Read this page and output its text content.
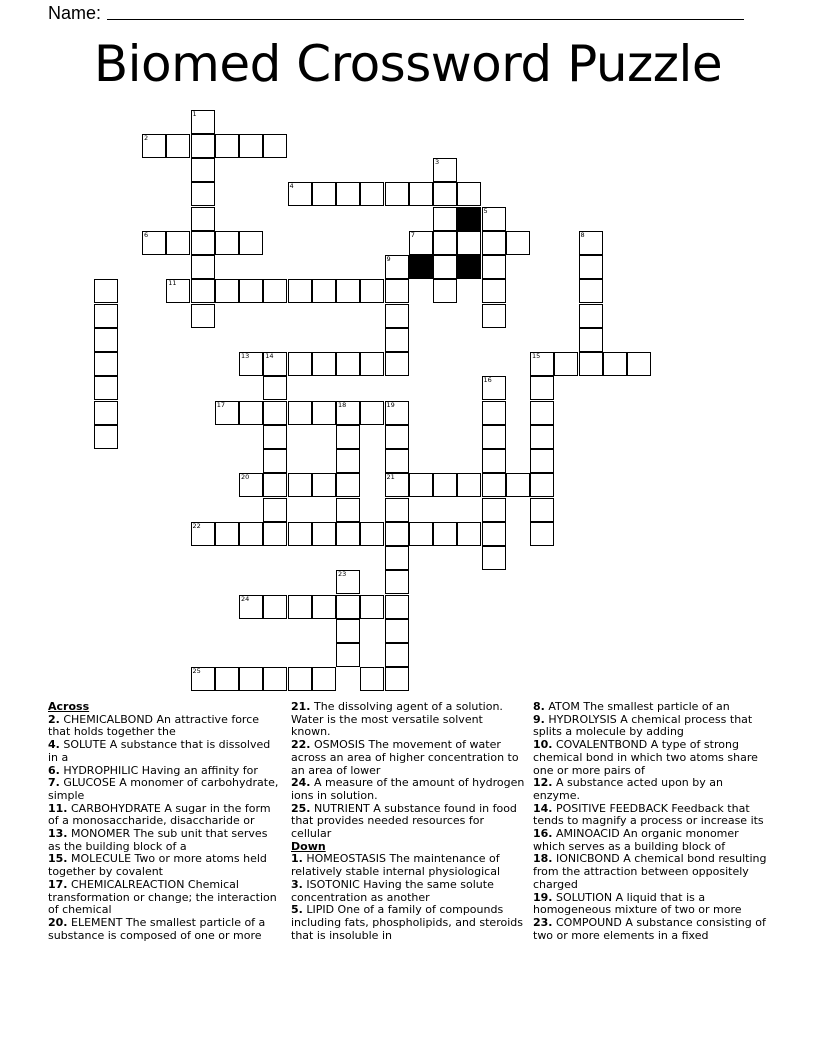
Name:
Biomed Crossword Puzzle
1
2
3
4
5
6	7	8
9
11
13 14	15
16
17	18	19
21
20
22
23
24
25
Across
2. CHEMICALBOND An attractive force that holds together the
4. SOLUTE A substance that is dissolved in a
6. HYDROPHILIC Having an affinity for
7. GLUCOSE A monomer of carbohydrate, simple
11. CARBOHYDRATE A sugar in the form of a monosaccharide, disaccharide or
13. MONOMER The sub unit that serves as the building block of a
15. MOLECULE Two or more atoms held together by covalent
17. CHEMICALREACTION Chemical transformation or change; the interaction of chemical
20. ELEMENT The smallest particle of a substance is composed of one or more
21. The dissolving agent of a solution. Water is the most versatile solvent known.
22. OSMOSIS The movement of water across an area of higher concentration to an area of lower
24. A measure of the amount of hydrogen ions in solution.
25. NUTRIENT A substance found in food that provides needed resources for cellular
Down
1. HOMEOSTASIS The maintenance of relatively stable internal physiological
3. ISOTONIC Having the same solute concentration as another
5. LIPID One of a family of compounds including fats, phospholipids, and steroids that is insoluble in
8. ATOM The smallest particle of an
9. HYDROLYSIS A chemical process that splits a molecule by adding
10. COVALENTBOND A type of strong chemical bond in which two atoms share one or more pairs of
12. A substance acted upon by an enzyme.
14. POSITIVE FEEDBACK Feedback that tends to magnify a process or increase its
16. AMINOACID An organic monomer which serves as a building block of
18. IONICBOND A chemical bond resulting from the attraction between oppositely charged
19. SOLUTION A liquid that is a homogeneous mixture of two or more
23. COMPOUND A substance consisting of two or more elements in a fixed
